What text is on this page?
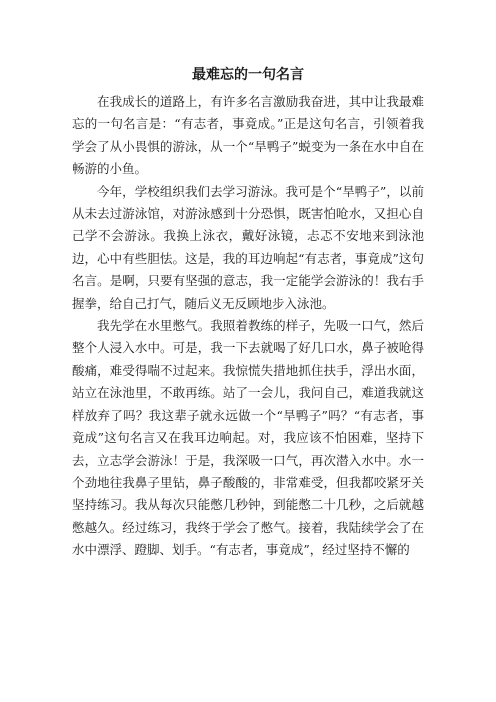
最难忘的一句名言

在我成长的道路上，有许多名言激励我奋进，其中让我最难忘的一句名言是：“有志者，事竟成。”正是这句名言，引领着我学会了从小畏惧的游泳，从一个“旱鸭子”蜕变为一条在水中自在畅游的小鱼。

今年，学校组织我们去学习游泳。我可是个“旱鸭子”，以前从未去过游泳馆，对游泳感到十分恐惧，既害怕呛水，又担心自己学不会游泳。我换上泳衣，戴好泳镜，忐忑不安地来到泳池边，心中有些胆怯。这是，我的耳边响起“有志者，事竟成”这句名言。是啊，只要有坚强的意志，我一定能学会游泳的！我右手握拳，给自己打气，随后义无反顾地步入泳池。

我先学在水里憋气。我照着教练的样子，先吸一口气，然后整个人浸入水中。可是，我一下去就喝了好几口水，鼻子被呛得酸痛，难受得喘不过起来。我惊慌失措地抓住扶手，浮出水面，站立在泳池里，不敢再练。站了一会儿，我问自己，难道我就这样放弃了吗？我这辈子就永远做一个“旱鸭子”吗？“有志者，事竟成”这句名言又在我耳边响起。对，我应该不怕困难，坚持下去，立志学会游泳！于是，我深吸一口气，再次潜入水中。水一个劲地往我鼻子里钻，鼻子酸酸的，非常难受，但我都咬紧牙关坚持练习。我从每次只能憋几秒钟，到能憋二十几秒，之后就越憋越久。经过练习，我终于学会了憋气。接着，我陆续学会了在水中漂浮、蹬脚、划手。“有志者，事竟成”，经过坚持不懈的
